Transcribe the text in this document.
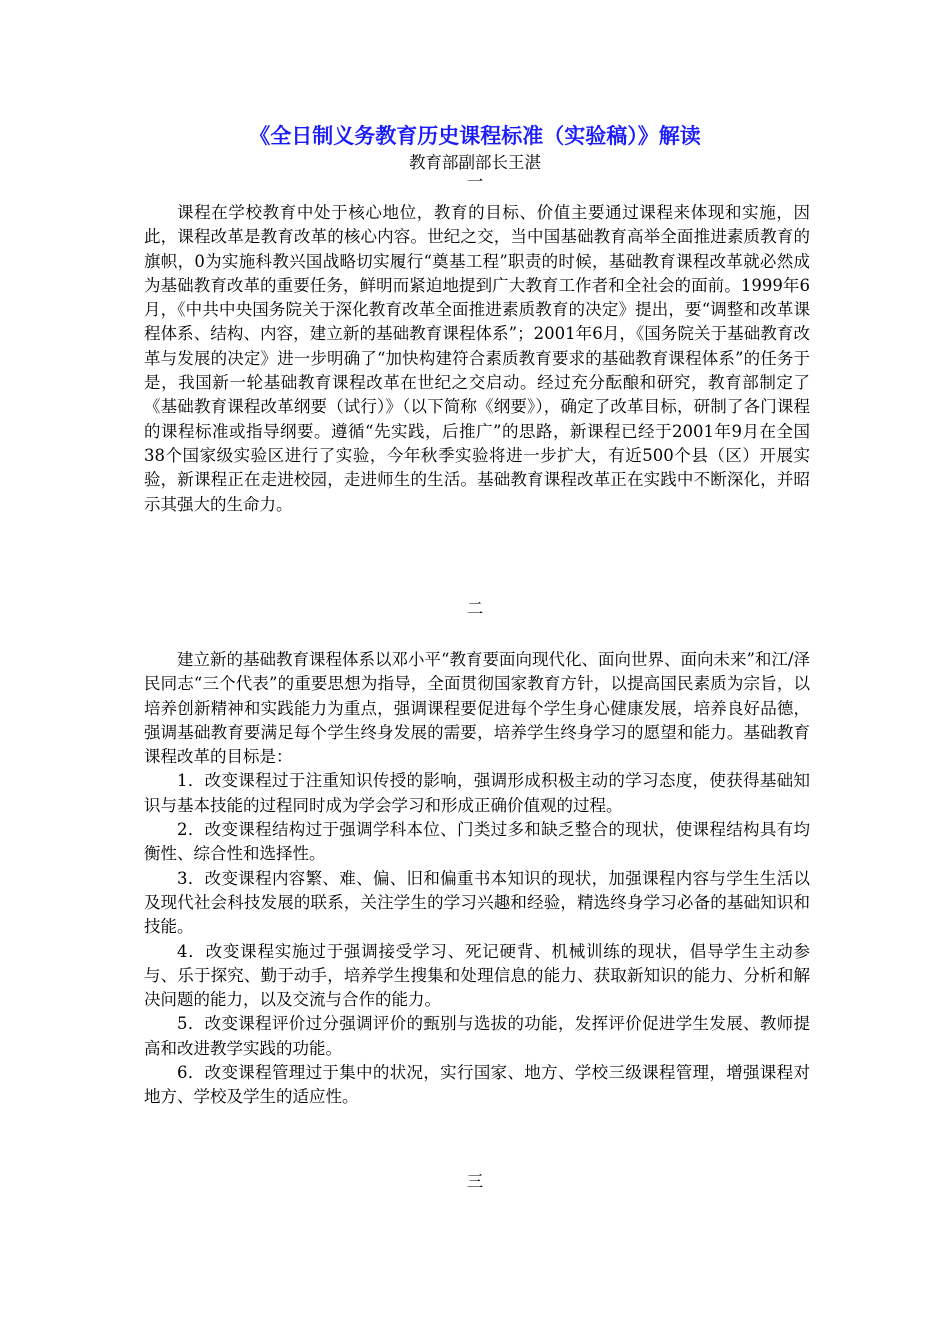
《全日制义务教育历史课程标准（实验稿）》解读
教育部副部长王湛
一

课程在学校教育中处于核心地位，教育的目标、价值主要通过课程来体现和实施，因此，课程改革是教育改革的核心内容。世纪之交，当中国基础教育高举全面推进素质教育的旗帜，0为实施科教兴国战略切实履行“奠基工程”职责的时候，基础教育课程改革就必然成为基础教育改革的重要任务，鲜明而紧迫地提到广大教育工作者和全社会的面前。1999年6月，《中共中央国务院关于深化教育改革全面推进素质教育的决定》提出，要“调整和改革课程体系、结构、内容，建立新的基础教育课程体系”；2001年6月，《国务院关于基础教育改革与发展的决定》进一步明确了“加快构建符合素质教育要求的基础教育课程体系”的任务于是，我国新一轮基础教育课程改革在世纪之交启动。经过充分酝酿和研究，教育部制定了《基础教育课程改革纲要（试行）》（以下简称《纲要》），确定了改革目标，研制了各门课程的课程标准或指导纲要。遵循“先实践，后推广”的思路，新课程已经于2001年9月在全国38个国家级实验区进行了实验，今年秋季实验将进一步扩大，有近500个县（区）开展实验，新课程正在走进校园，走进师生的生活。基础教育课程改革正在实践中不断深化，并昭示其强大的生命力。

二

建立新的基础教育课程体系以邓小平“教育要面向现代化、面向世界、面向未来”和江/泽民同志“三个代表”的重要思想为指导，全面贯彻国家教育方针，以提高国民素质为宗旨，以培养创新精神和实践能力为重点，强调课程要促进每个学生身心健康发展，培养良好品德，强调基础教育要满足每个学生终身发展的需要，培养学生终身学习的愿望和能力。基础教育课程改革的目标是：

1．改变课程过于注重知识传授的影响，强调形成积极主动的学习态度，使获得基础知识与基本技能的过程同时成为学会学习和形成正确价值观的过程。

2．改变课程结构过于强调学科本位、门类过多和缺乏整合的现状，使课程结构具有均衡性、综合性和选择性。

3．改变课程内容繁、难、偏、旧和偏重书本知识的现状，加强课程内容与学生生活以及现代社会科技发展的联系，关注学生的学习兴趣和经验，精选终身学习必备的基础知识和技能。

4．改变课程实施过于强调接受学习、死记硬背、机械训练的现状，倡导学生主动参与、乐于探究、勤于动手，培养学生搜集和处理信息的能力、获取新知识的能力、分析和解决问题的能力，以及交流与合作的能力。

5．改变课程评价过分强调评价的甄别与选拔的功能，发挥评价促进学生发展、教师提高和改进教学实践的功能。

6．改变课程管理过于集中的状况，实行国家、地方、学校三级课程管理，增强课程对地方、学校及学生的适应性。

三
